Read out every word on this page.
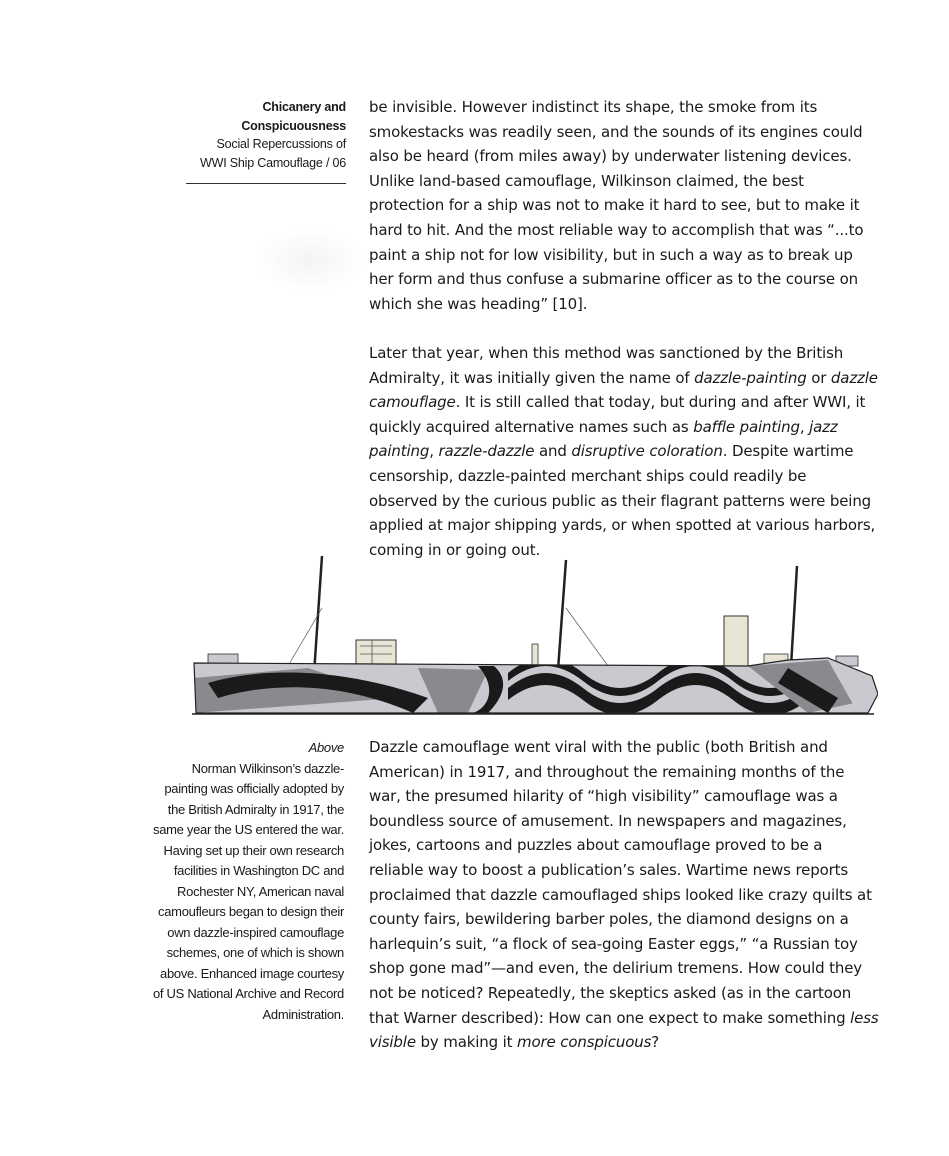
Chicanery and
Conspicuousness
Social Repercussions of
WWI Ship Camouflage / 06

be invisible. However indistinct its shape, the smoke from its smokestacks was readily seen, and the sounds of its engines could also be heard (from miles away) by underwater listening devices. Unlike land-based camouflage, Wilkinson claimed, the best protection for a ship was not to make it hard to see, but to make it hard to hit. And the most reliable way to accomplish that was “...to paint a ship not for low visibility, but in such a way as to break up her form and thus confuse a submarine officer as to the course on which she was heading” [10].

Later that year, when this method was sanctioned by the British Admiralty, it was initially given the name of dazzle-painting or dazzle camouflage. It is still called that today, but during and after WWI, it quickly acquired alternative names such as baffle painting, jazz painting, razzle-dazzle and disruptive coloration. Despite wartime censorship, dazzle-painted merchant ships could readily be observed by the curious public as their flagrant patterns were being applied at major shipping yards, or when spotted at various harbors, coming in or going out.

Above
Norman Wilkinson’s dazzle-painting was officially adopted by the British Admiralty in 1917, the same year the US entered the war. Having set up their own research facilities in Washington DC and Rochester NY, American naval camoufleurs began to design their own dazzle-inspired camouflage schemes, one of which is shown above. Enhanced image courtesy of US National Archive and Record Administration.

Dazzle camouflage went viral with the public (both British and American) in 1917, and throughout the remaining months of the war, the presumed hilarity of “high visibility” camouflage was a boundless source of amusement. In newspapers and magazines, jokes, cartoons and puzzles about camouflage proved to be a reliable way to boost a publication’s sales. Wartime news reports proclaimed that dazzle camouflaged ships looked like crazy quilts at county fairs, bewildering barber poles, the diamond designs on a harlequin’s suit, “a flock of sea-going Easter eggs,” “a Russian toy shop gone mad”—and even, the delirium tremens. How could they not be noticed? Repeatedly, the skeptics asked (as in the cartoon that Warner described): How can one expect to make something less visible by making it more conspicuous?
